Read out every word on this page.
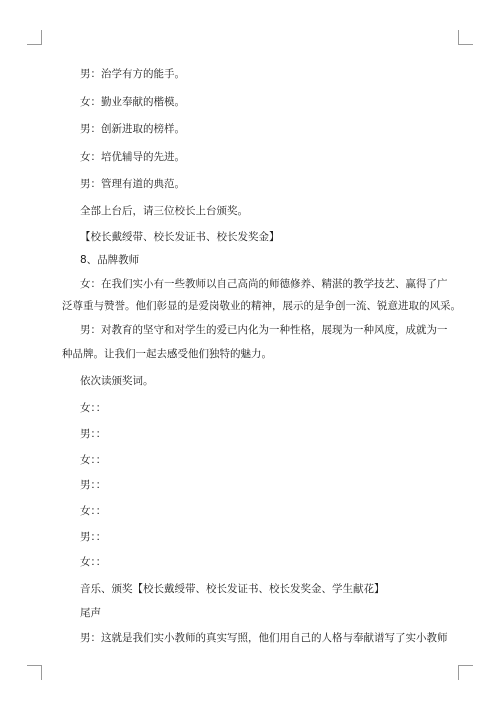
男：治学有方的能手。
女：勤业奉献的楷模。
男：创新进取的榜样。
女：培优辅导的先进。
男：管理有道的典范。
全部上台后，请三位校长上台颁奖。
【校长戴绶带、校长发证书、校长发奖金】
8、品牌教师
女：在我们实小有一些教师以自己高尚的师德修养、精湛的教学技艺、赢得了广
泛尊重与赞誉。他们彰显的是爱岗敬业的精神，展示的是争创一流、锐意进取的风采。
男：对教育的坚守和对学生的爱已内化为一种性格，展现为一种风度，成就为一
种品牌。让我们一起去感受他们独特的魅力。
依次读颁奖词。
女：：
男：：
女：：
男：：
女：：
男：：
女：：
音乐、颁奖【校长戴绶带、校长发证书、校长发奖金、学生献花】
尾声
男：这就是我们实小教师的真实写照，他们用自己的人格与奉献谱写了实小教师
